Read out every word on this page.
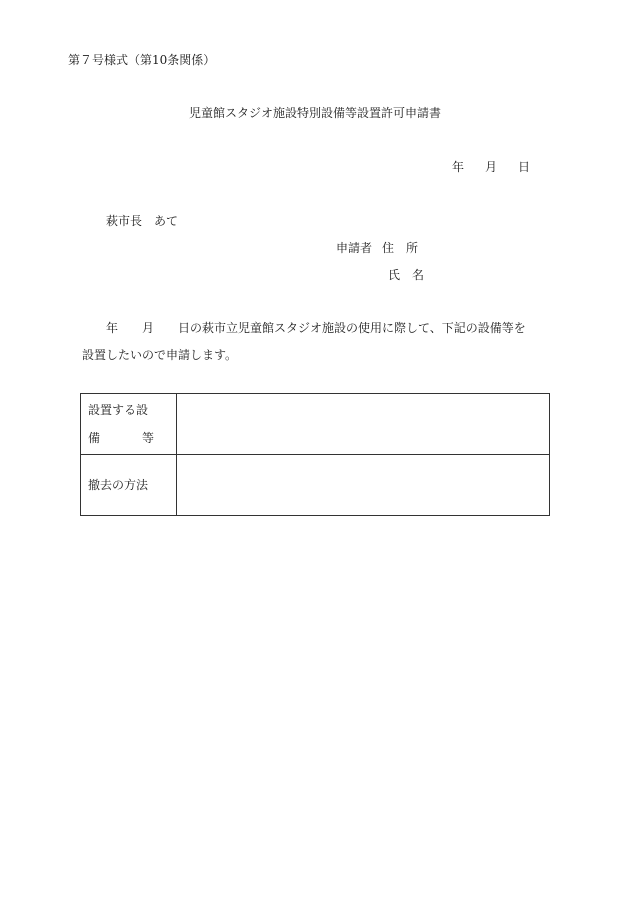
第７号様式（第10条関係）
児童館スタジオ施設特別設備等設置許可申請書
年 月 日
萩市長 あて
申請者 住　所
氏　名
年 月 日の萩市立児童館スタジオ施設の使用に際して、下記の設備等を
設置したいので申請します。
設置する設
備 等	

撤去の方法	
